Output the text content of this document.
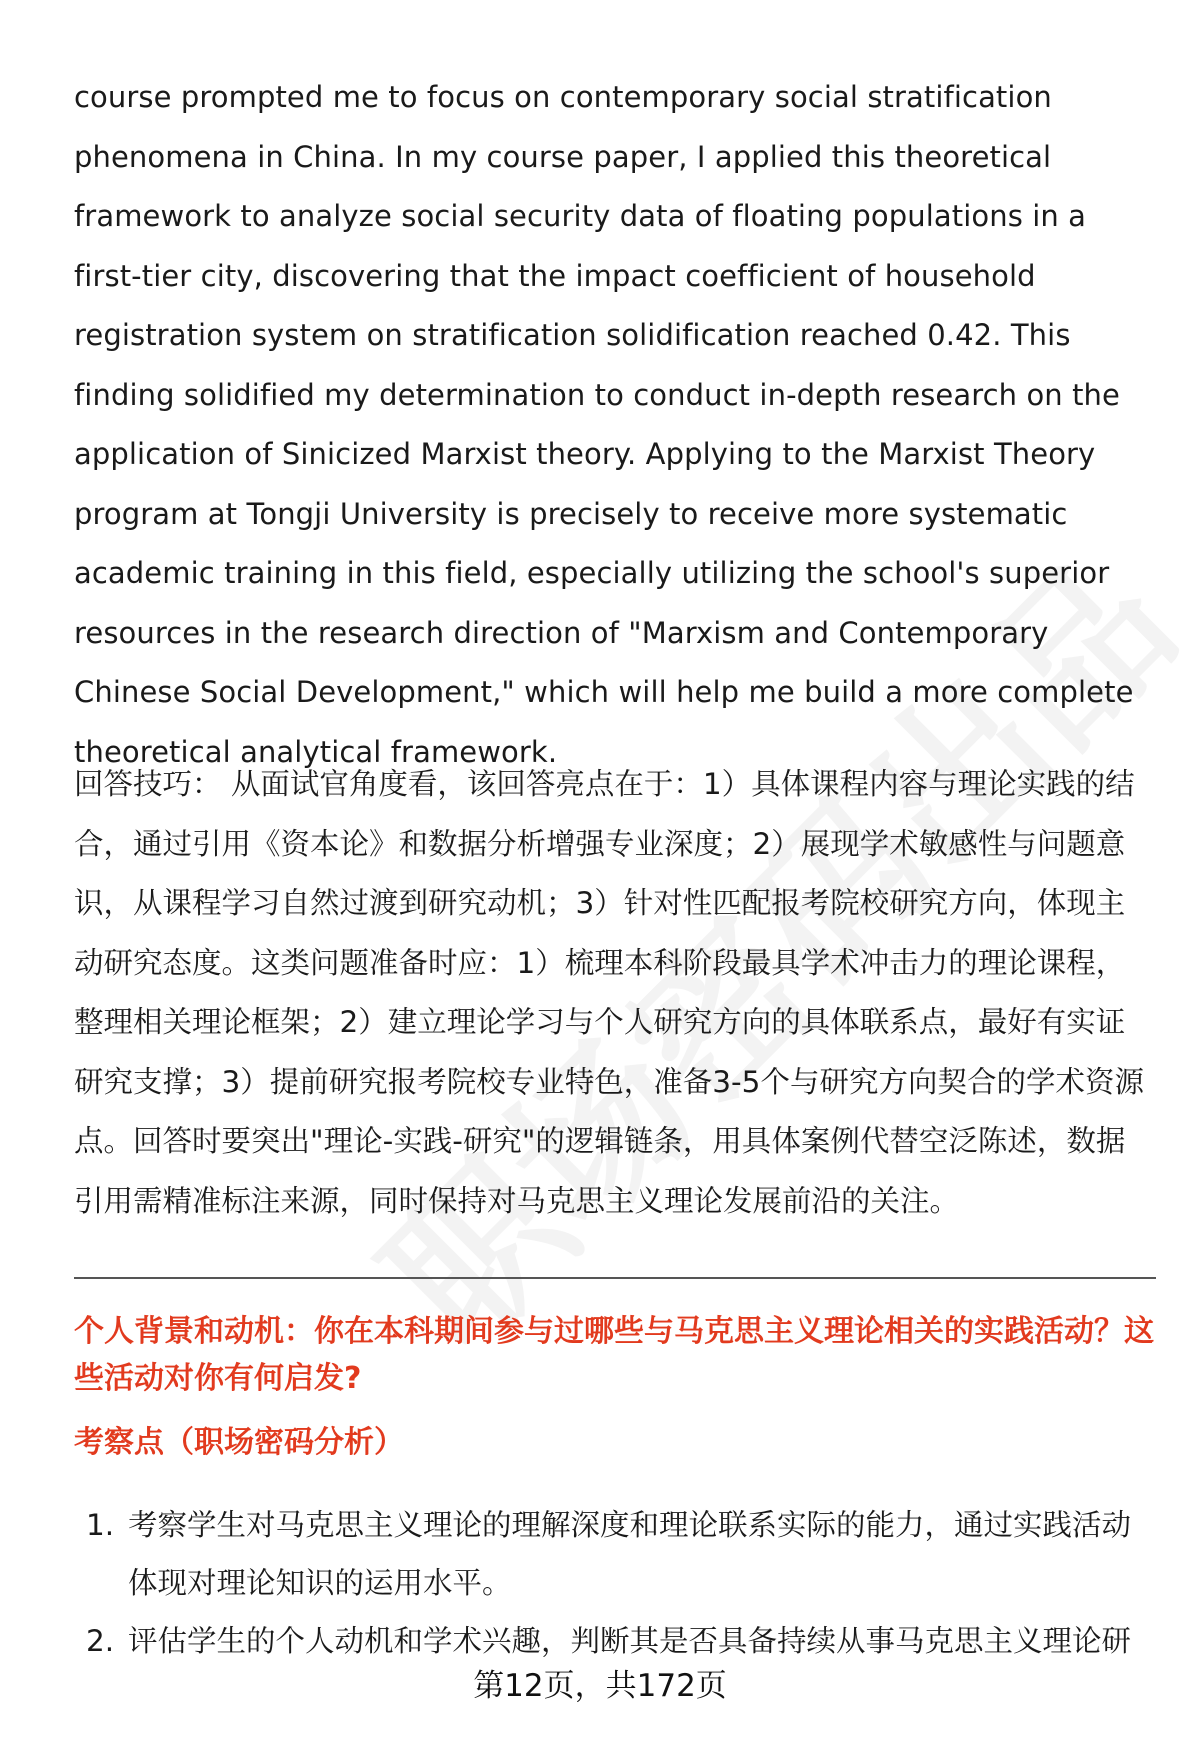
course prompted me to focus on contemporary social stratification phenomena in China. In my course paper, I applied this theoretical framework to analyze social security data of floating populations in a first-tier city, discovering that the impact coefficient of household registration system on stratification solidification reached 0.42. This finding solidified my determination to conduct in-depth research on the application of Sinicized Marxist theory. Applying to the Marxist Theory program at Tongji University is precisely to receive more systematic academic training in this field, especially utilizing the school's superior resources in the research direction of "Marxism and Contemporary Chinese Social Development," which will help me build a more complete theoretical analytical framework.

回答技巧： 从面试官角度看，该回答亮点在于：1）具体课程内容与理论实践的结合，通过引用《资本论》和数据分析增强专业深度；2）展现学术敏感性与问题意识，从课程学习自然过渡到研究动机；3）针对性匹配报考院校研究方向，体现主动研究态度。这类问题准备时应：1）梳理本科阶段最具学术冲击力的理论课程，整理相关理论框架；2）建立理论学习与个人研究方向的具体联系点，最好有实证研究支撑；3）提前研究报考院校专业特色，准备3-5个与研究方向契合的学术资源点。回答时要突出"理论-实践-研究"的逻辑链条，用具体案例代替空泛陈述，数据引用需精准标注来源，同时保持对马克思主义理论发展前沿的关注。

个人背景和动机：你在本科期间参与过哪些与马克思主义理论相关的实践活动？这些活动对你有何启发?

考察点（职场密码分析）

1. 考察学生对马克思主义理论的理解深度和理论联系实际的能力，通过实践活动体现对理论知识的运用水平。
2. 评估学生的个人动机和学术兴趣，判断其是否具备持续从事马克思主义理论研
第12页，共172页
